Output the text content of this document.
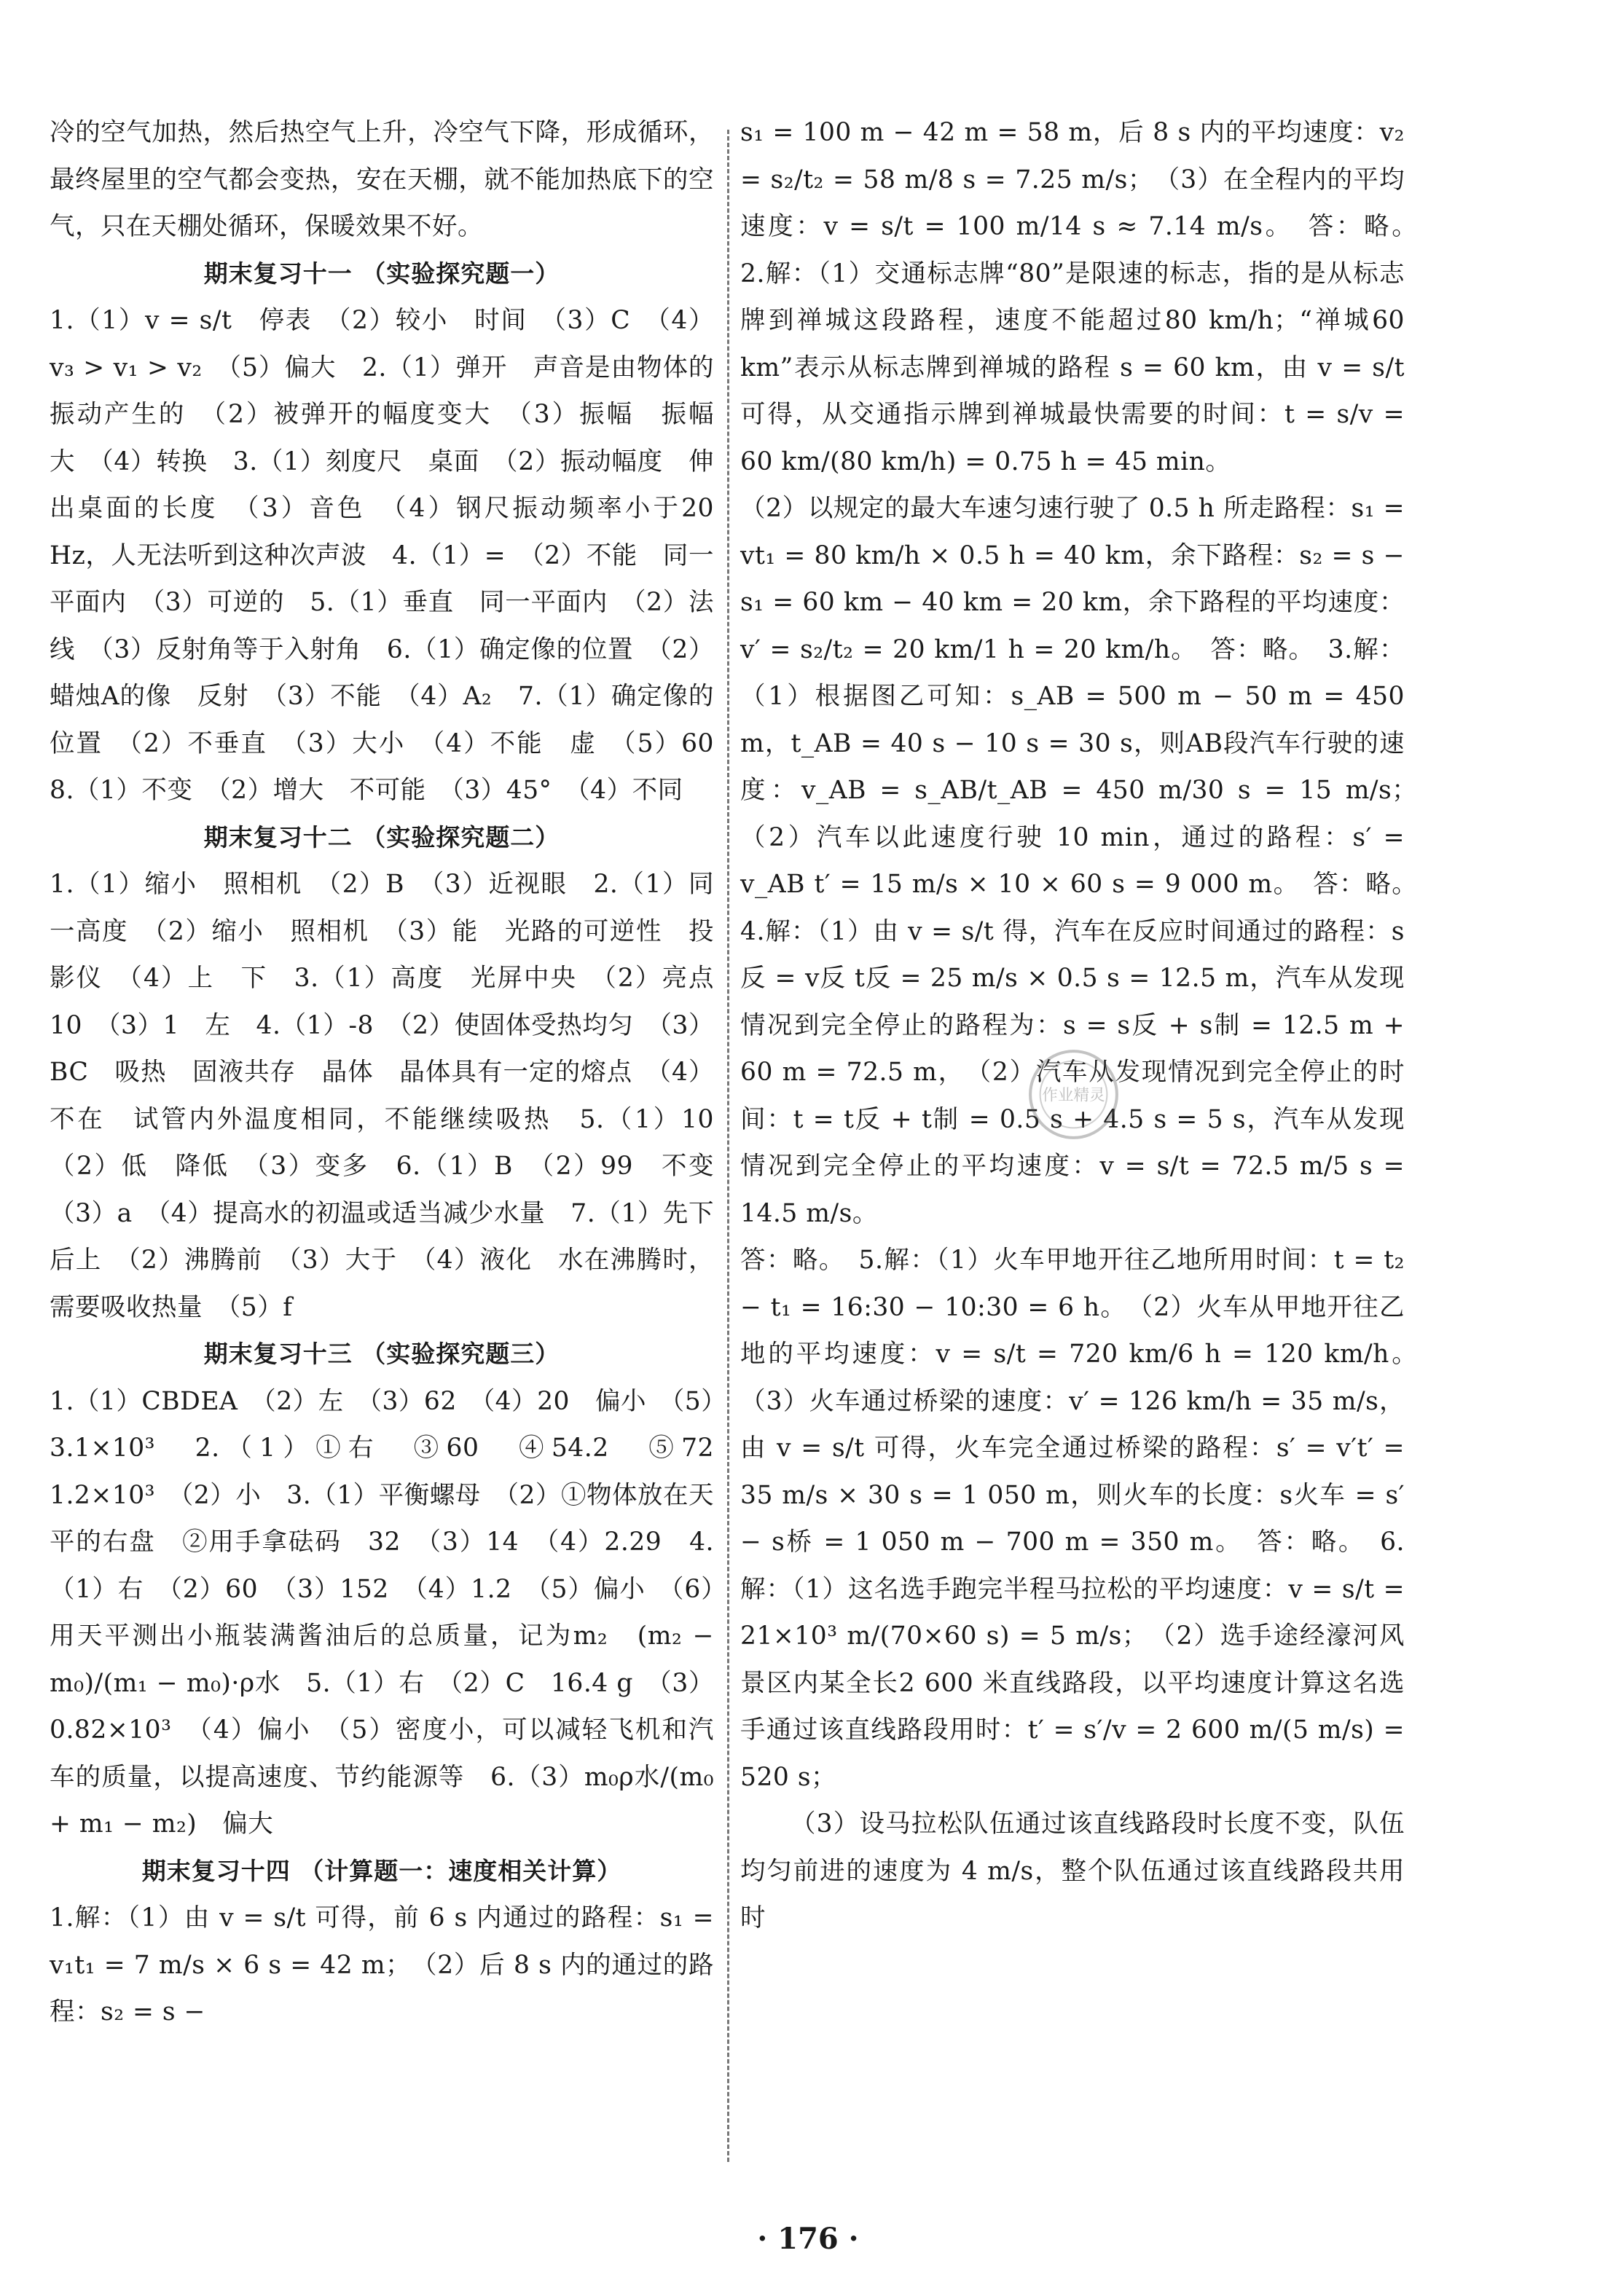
冷的空气加热，然后热空气上升，冷空气下降，形成循环，最终屋里的空气都会变热，安在天棚，就不能加热底下的空气，只在天棚处循环，保暖效果不好。
期末复习十一 （实验探究题一）
1.（1）v = s/t　停表　（2）较小　时间　（3）C　（4）v₃ > v₁ > v₂　（5）偏大　2.（1）弹开　声音是由物体的振动产生的　（2）被弹开的幅度变大　（3）振幅　振幅　大　（4）转换　3.（1）刻度尺　桌面　（2）振动幅度　伸出桌面的长度　（3）音色　（4）钢尺振动频率小于20 Hz，人无法听到这种次声波　4.（1）=　（2）不能　同一平面内　（3）可逆的　5.（1）垂直　同一平面内　（2）法线　（3）反射角等于入射角　6.（1）确定像的位置　（2）蜡烛A的像　反射　（3）不能　（4）A₂　7.（1）确定像的位置　（2）不垂直　（3）大小　（4）不能　虚　（5）60　8.（1）不变　（2）增大　不可能　（3）45°　（4）不同
期末复习十二 （实验探究题二）
1.（1）缩小　照相机　（2）B　（3）近视眼　2.（1）同一高度　（2）缩小　照相机　（3）能　光路的可逆性　投影仪　（4）上　下　3.（1）高度　光屏中央　（2）亮点　10　（3）1　左　4.（1）-8　（2）使固体受热均匀　（3）BC　吸热　固液共存　晶体　晶体具有一定的熔点　（4）不在　试管内外温度相同，不能继续吸热　5.（1）10　（2）低　降低　（3）变多　6.（1）B　（2）99　不变　（3）a　（4）提高水的初温或适当减少水量　7.（1）先下后上　（2）沸腾前　（3）大于　（4）液化　水在沸腾时，需要吸收热量　（5）f
期末复习十三 （实验探究题三）
1.（1）CBDEA　（2）左　（3）62　（4）20　偏小　（5）3.1×10³　2.（1）①右　③60　④54.2　⑤72　1.2×10³　（2）小　3.（1）平衡螺母　（2）①物体放在天平的右盘　②用手拿砝码　32　（3）14　（4）2.29　4.（1）右　（2）60　（3）152　（4）1.2　（5）偏小　（6）用天平测出小瓶装满酱油后的总质量，记为m₂　(m₂ − m₀)/(m₁ − m₀)·ρ水　5.（1）右　（2）C　16.4 g　（3）0.82×10³　（4）偏小　（5）密度小，可以减轻飞机和汽车的质量，以提高速度、节约能源等　6.（3）m₀ρ水/(m₀ + m₁ − m₂)　偏大
期末复习十四 （计算题一：速度相关计算）
1.解：（1）由 v = s/t 可得，前 6 s 内通过的路程：s₁ = v₁t₁ = 7 m/s × 6 s = 42 m；　（2）后 8 s 内的通过的路程：s₂ = s −
s₁ = 100 m − 42 m = 58 m，后 8 s 内的平均速度：v₂ = s₂/t₂ = 58 m/8 s = 7.25 m/s；　（3）在全程内的平均速度：v = s/t = 100 m/14 s ≈ 7.14 m/s。　答：略。　2.解：（1）交通标志牌“80”是限速的标志，指的是从标志牌到禅城这段路程，速度不能超过80 km/h；“禅城60 km”表示从标志牌到禅城的路程 s = 60 km，由 v = s/t 可得，从交通指示牌到禅城最快需要的时间：t = s/v = 60 km/(80 km/h) = 0.75 h = 45 min。
（2）以规定的最大车速匀速行驶了 0.5 h 所走路程：s₁ = vt₁ = 80 km/h × 0.5 h = 40 km，余下路程：s₂ = s − s₁ = 60 km − 40 km = 20 km，余下路程的平均速度：v′ = s₂/t₂ = 20 km/1 h = 20 km/h。　答：略。　3.解：（1）根据图乙可知：s_AB = 500 m − 50 m = 450 m，t_AB = 40 s − 10 s = 30 s，则AB段汽车行驶的速度：v_AB = s_AB/t_AB = 450 m/30 s = 15 m/s；　（2）汽车以此速度行驶 10 min，通过的路程：s′ = v_AB t′ = 15 m/s × 10 × 60 s = 9 000 m。　答：略。　4.解：（1）由 v = s/t 得，汽车在反应时间通过的路程：s反 = v反 t反 = 25 m/s × 0.5 s = 12.5 m，汽车从发现情况到完全停止的路程为：s = s反 + s制 = 12.5 m + 60 m = 72.5 m，　（2）汽车从发现情况到完全停止的时间：t = t反 + t制 = 0.5 s + 4.5 s = 5 s，汽车从发现情况到完全停止的平均速度：v = s/t = 72.5 m/5 s = 14.5 m/s。
答：略。　5.解：（1）火车甲地开往乙地所用时间：t = t₂ − t₁ = 16:30 − 10:30 = 6 h。　（2）火车从甲地开往乙地的平均速度：v = s/t = 720 km/6 h = 120 km/h。　（3）火车通过桥梁的速度：v′ = 126 km/h = 35 m/s，由 v = s/t 可得，火车完全通过桥梁的路程：s′ = v′t′ = 35 m/s × 30 s = 1 050 m，则火车的长度：s火车 = s′ − s桥 = 1 050 m − 700 m = 350 m。　答：略。　6.解：（1）这名选手跑完半程马拉松的平均速度：v = s/t = 21×10³ m/(70×60 s) = 5 m/s；　（2）选手途经濠河风景区内某全长2 600 米直线路段，以平均速度计算这名选手通过该直线路段用时：t′ = s′/v = 2 600 m/(5 m/s) = 520 s；
（3）设马拉松队伍通过该直线路段时长度不变，队伍均匀前进的速度为 4 m/s，整个队伍通过该直线路段共用时
作业精灵
· 176 ·
